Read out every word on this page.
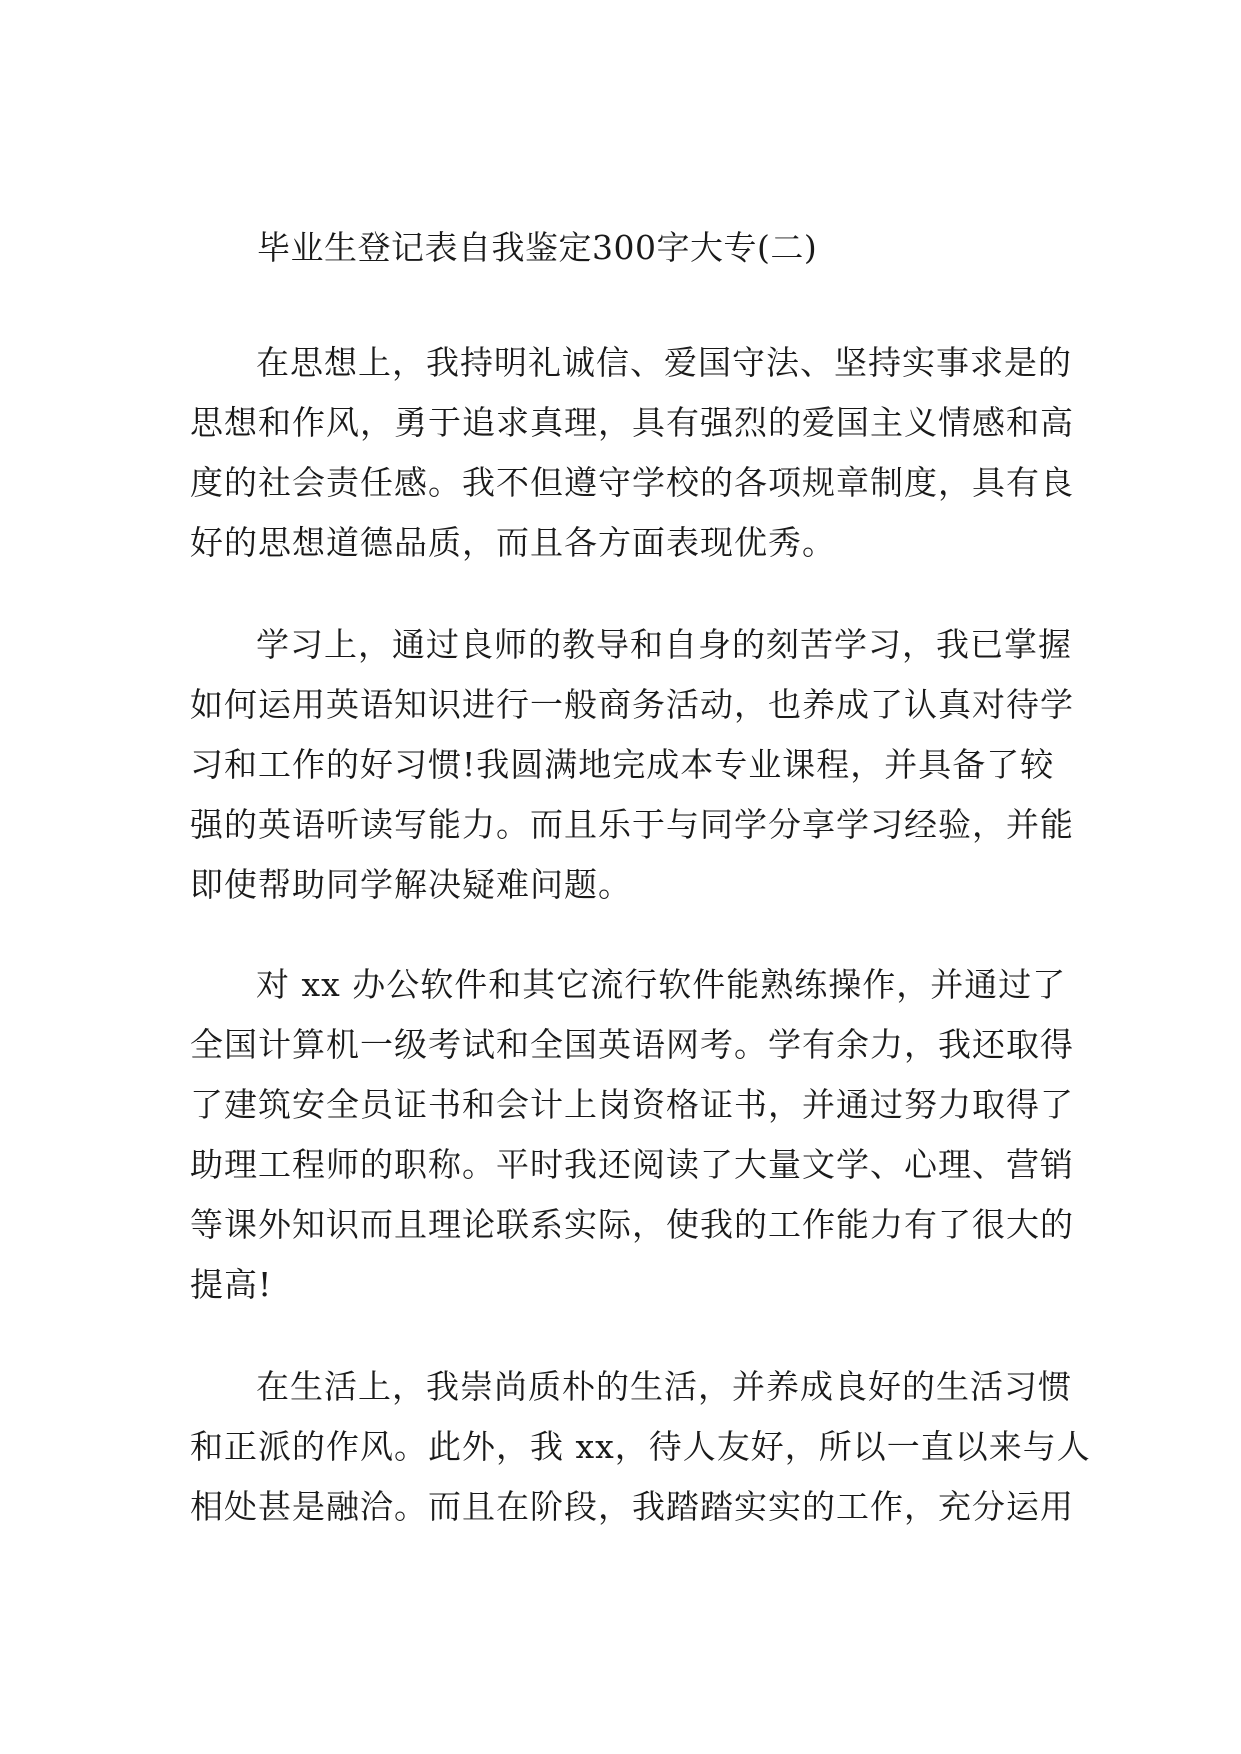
毕业生登记表自我鉴定300字大专(二)

在思想上，我持明礼诚信、爱国守法、坚持实事求是的
思想和作风，勇于追求真理，具有强烈的爱国主义情感和高
度的社会责任感。我不但遵守学校的各项规章制度，具有良
好的思想道德品质，而且各方面表现优秀。

学习上，通过良师的教导和自身的刻苦学习，我已掌握
如何运用英语知识进行一般商务活动，也养成了认真对待学
习和工作的好习惯!我圆满地完成本专业课程，并具备了较
强的英语听读写能力。而且乐于与同学分享学习经验，并能
即使帮助同学解决疑难问题。

对 xx 办公软件和其它流行软件能熟练操作，并通过了
全国计算机一级考试和全国英语网考。学有余力，我还取得
了建筑安全员证书和会计上岗资格证书，并通过努力取得了
助理工程师的职称。平时我还阅读了大量文学、心理、营销
等课外知识而且理论联系实际，使我的工作能力有了很大的
提高!

在生活上，我崇尚质朴的生活，并养成良好的生活习惯
和正派的作风。此外，我 xx，待人友好，所以一直以来与人
相处甚是融洽。而且在阶段，我踏踏实实的工作，充分运用
